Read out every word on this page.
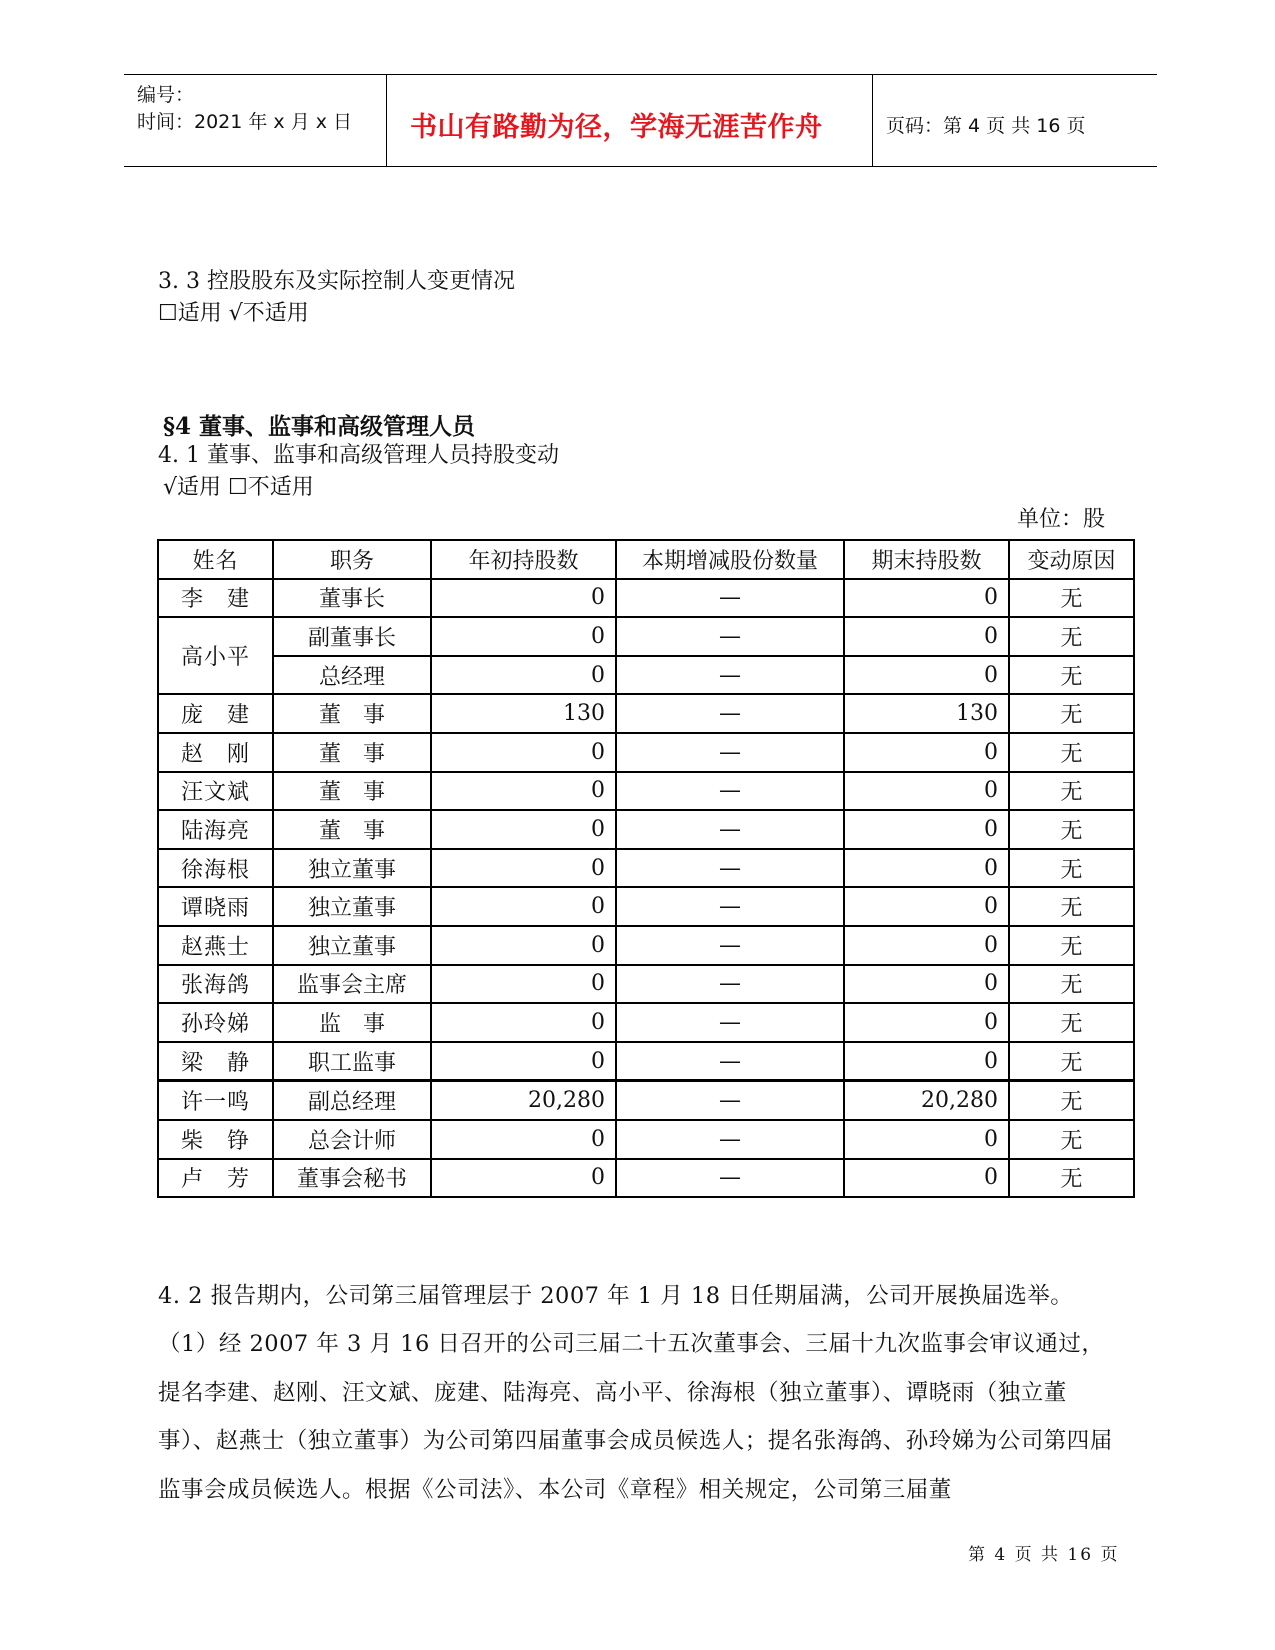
编号：
时间：2021 年 x 月 x 日 书山有路勤为径，学海无涯苦作舟	页码：第 4 页 共 16 页
3. 3 控股股东及实际控制人变更情况
☐适用 √不适用
§4 董事、监事和高级管理人员
4. 1 董事、监事和高级管理人员持股变动
√适用 ☐不适用
单位：股
姓名	职务	年初持股数	本期增减股份数量	期末持股数	变动原因
李　建	董事长	0	—	0	无
高小平	副董事长	0	—	0	无
	总经理	0	—	0	无
庞　建	董　事	130	—	130	无
赵　刚	董　事	0	—	0	无
汪文斌	董　事	0	—	0	无
陆海亮	董　事	0	—	0	无
徐海根	独立董事	0	—	0	无
谭晓雨	独立董事	0	—	0	无
赵燕士	独立董事	0	—	0	无
张海鸽	监事会主席	0	—	0	无
孙玲娣	监　事	0	—	0	无
梁　静	职工监事	0	—	0	无
许一鸣	副总经理	20,280	—	20,280	无
柴　铮	总会计师	0	—	0	无
卢　芳	董事会秘书	0	—	0	无
4. 2 报告期内，公司第三届管理层于 2007 年 1 月 18 日任期届满，公司开展换届选举。
（1）经 2007 年 3 月 16 日召开的公司三届二十五次董事会、三届十九次监事会审议通过，提名李建、赵刚、汪文斌、庞建、陆海亮、高小平、徐海根（独立董事）、谭晓雨（独立董事）、赵燕士（独立董事）为公司第四届董事会成员候选人；提名张海鸽、孙玲娣为公司第四届监事会成员候选人。根据《公司法》、本公司《章程》相关规定，公司第三届董
第 4 页 共 16 页
